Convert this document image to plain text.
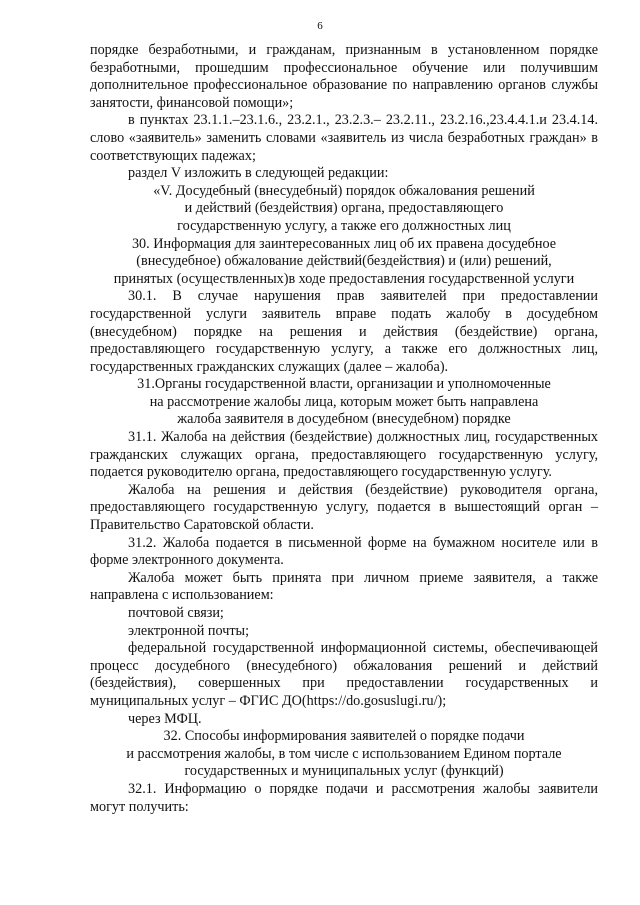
6

порядке безработными, и гражданам, признанным в установленном порядке безработными, прошедшим профессиональное обучение или получившим дополнительное профессиональное образование по направлению органов службы занятости, финансовой помощи»;

в пунктах 23.1.1.–23.1.6., 23.2.1., 23.2.3.– 23.2.11., 23.2.16.,23.4.4.1.и 23.4.14. слово «заявитель» заменить словами «заявитель из числа безработных граждан» в соответствующих падежах;

раздел V изложить в следующей редакции:

«V. Досудебный (внесудебный) порядок обжалования решений

и действий (бездействия) органа, предоставляющего

государственную услугу, а также его должностных лиц

30. Информация для заинтересованных лиц об их правена досудебное

(внесудебное) обжалование действий(бездействия) и (или) решений,

принятых (осуществленных)в ходе предоставления государственной услуги

30.1. В случае нарушения прав заявителей при предоставлении государственной услуги заявитель вправе подать жалобу в досудебном (внесудебном) порядке на решения и действия (бездействие) органа, предоставляющего государственную услугу, а также его должностных лиц, государственных гражданских служащих (далее – жалоба).

31.Органы государственной власти, организации и уполномоченные

на рассмотрение жалобы лица, которым может быть направлена

жалоба заявителя в досудебном (внесудебном) порядке

31.1. Жалоба на действия (бездействие) должностных лиц, государственных гражданских служащих органа, предоставляющего государственную услугу, подается руководителю органа, предоставляющего государственную услугу.

Жалоба на решения и действия (бездействие) руководителя органа, предоставляющего государственную услугу, подается в вышестоящий орган – Правительство Саратовской области.

31.2. Жалоба подается в письменной форме на бумажном носителе или в форме электронного документа.

Жалоба может быть принята при личном приеме заявителя, а также направлена с использованием:

почтовой связи;

электронной почты;

федеральной государственной информационной системы, обеспечивающей процесс досудебного (внесудебного) обжалования решений и действий (бездействия), совершенных при предоставлении государственных и муниципальных услуг – ФГИС ДО(https://do.gosuslugi.ru/);

через МФЦ.

32. Способы информирования заявителей о порядке подачи

и рассмотрения жалобы, в том числе с использованием Едином портале

государственных и муниципальных услуг (функций)

32.1. Информацию о порядке подачи и рассмотрения жалобы заявители могут получить:
